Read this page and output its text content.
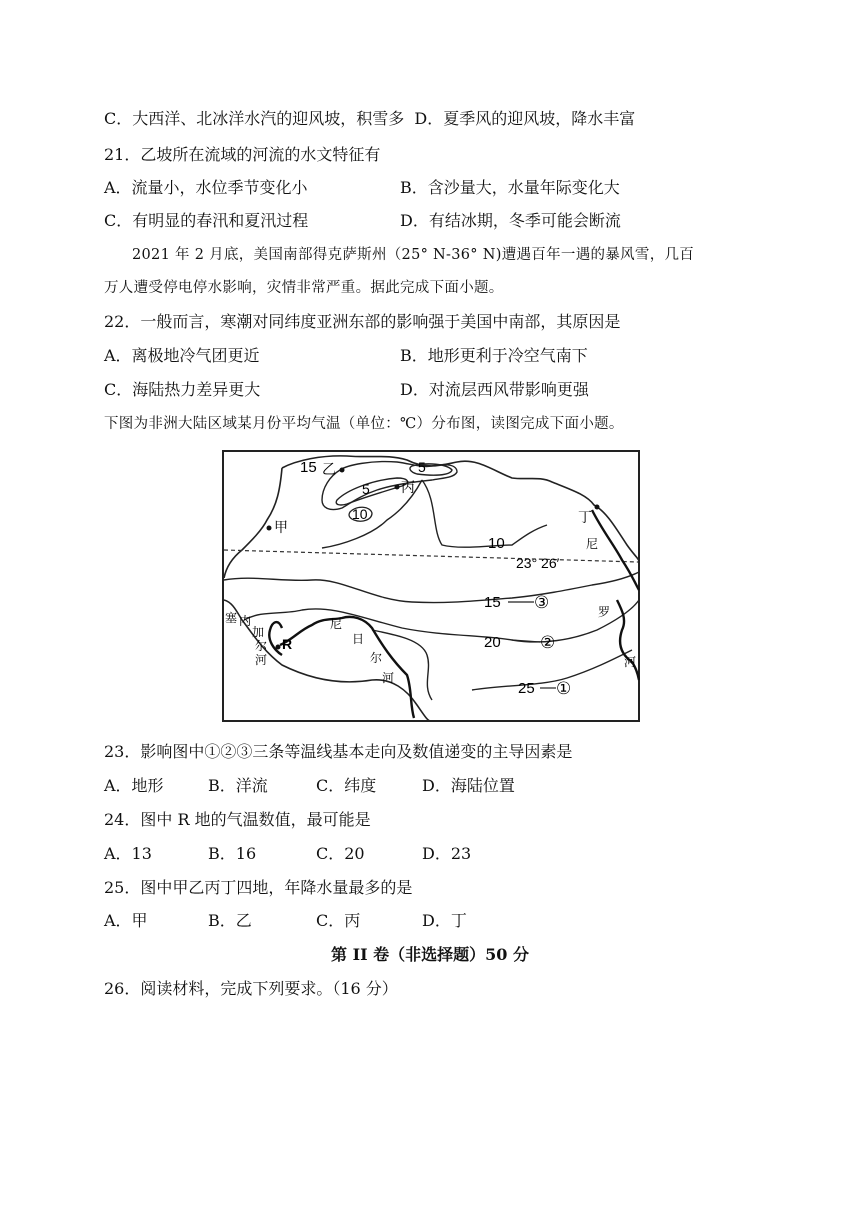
C．大西洋、北冰洋水汽的迎风坡，积雪多 D．夏季风的迎风坡，降水丰富
21．乙坡所在流域的河流的水文特征有
A．流量小，水位季节变化小	B．含沙量大，水量年际变化大
C．有明显的春汛和夏汛过程	D．有结冰期，冬季可能会断流
2021 年 2 月底，美国南部得克萨斯州（25° N-36° N)遭遇百年一遇的暴风雪，几百
万人遭受停电停水影响，灾情非常严重。据此完成下面小题。
22．一般而言，寒潮对同纬度亚洲东部的影响强于美国中南部，其原因是
A．离极地冷气团更近	B．地形更利于冷空气南下
C．海陆热力差异更大	D．对流层西风带影响更强
下图为非洲大陆区域某月份平均气温（单位：℃）分布图，读图完成下面小题。
15	5
5
10
10
15
20
25
③
②
①
乙
丙
甲
丁
R
23° 26′
塞 内
加
尔
河
尼
日
尔
河
尼
罗
河
23．影响图中①②③三条等温线基本走向及数值递变的主导因素是
A．地形	B．洋流	C．纬度	D．海陆位置
24．图中 R 地的气温数值，最可能是
A．13	B．16	C．20	D．23
25．图中甲乙丙丁四地，年降水量最多的是
A．甲	B．乙	C．丙	D．丁
第 II 卷（非选择题）50 分
26．阅读材料，完成下列要求。（16 分）
